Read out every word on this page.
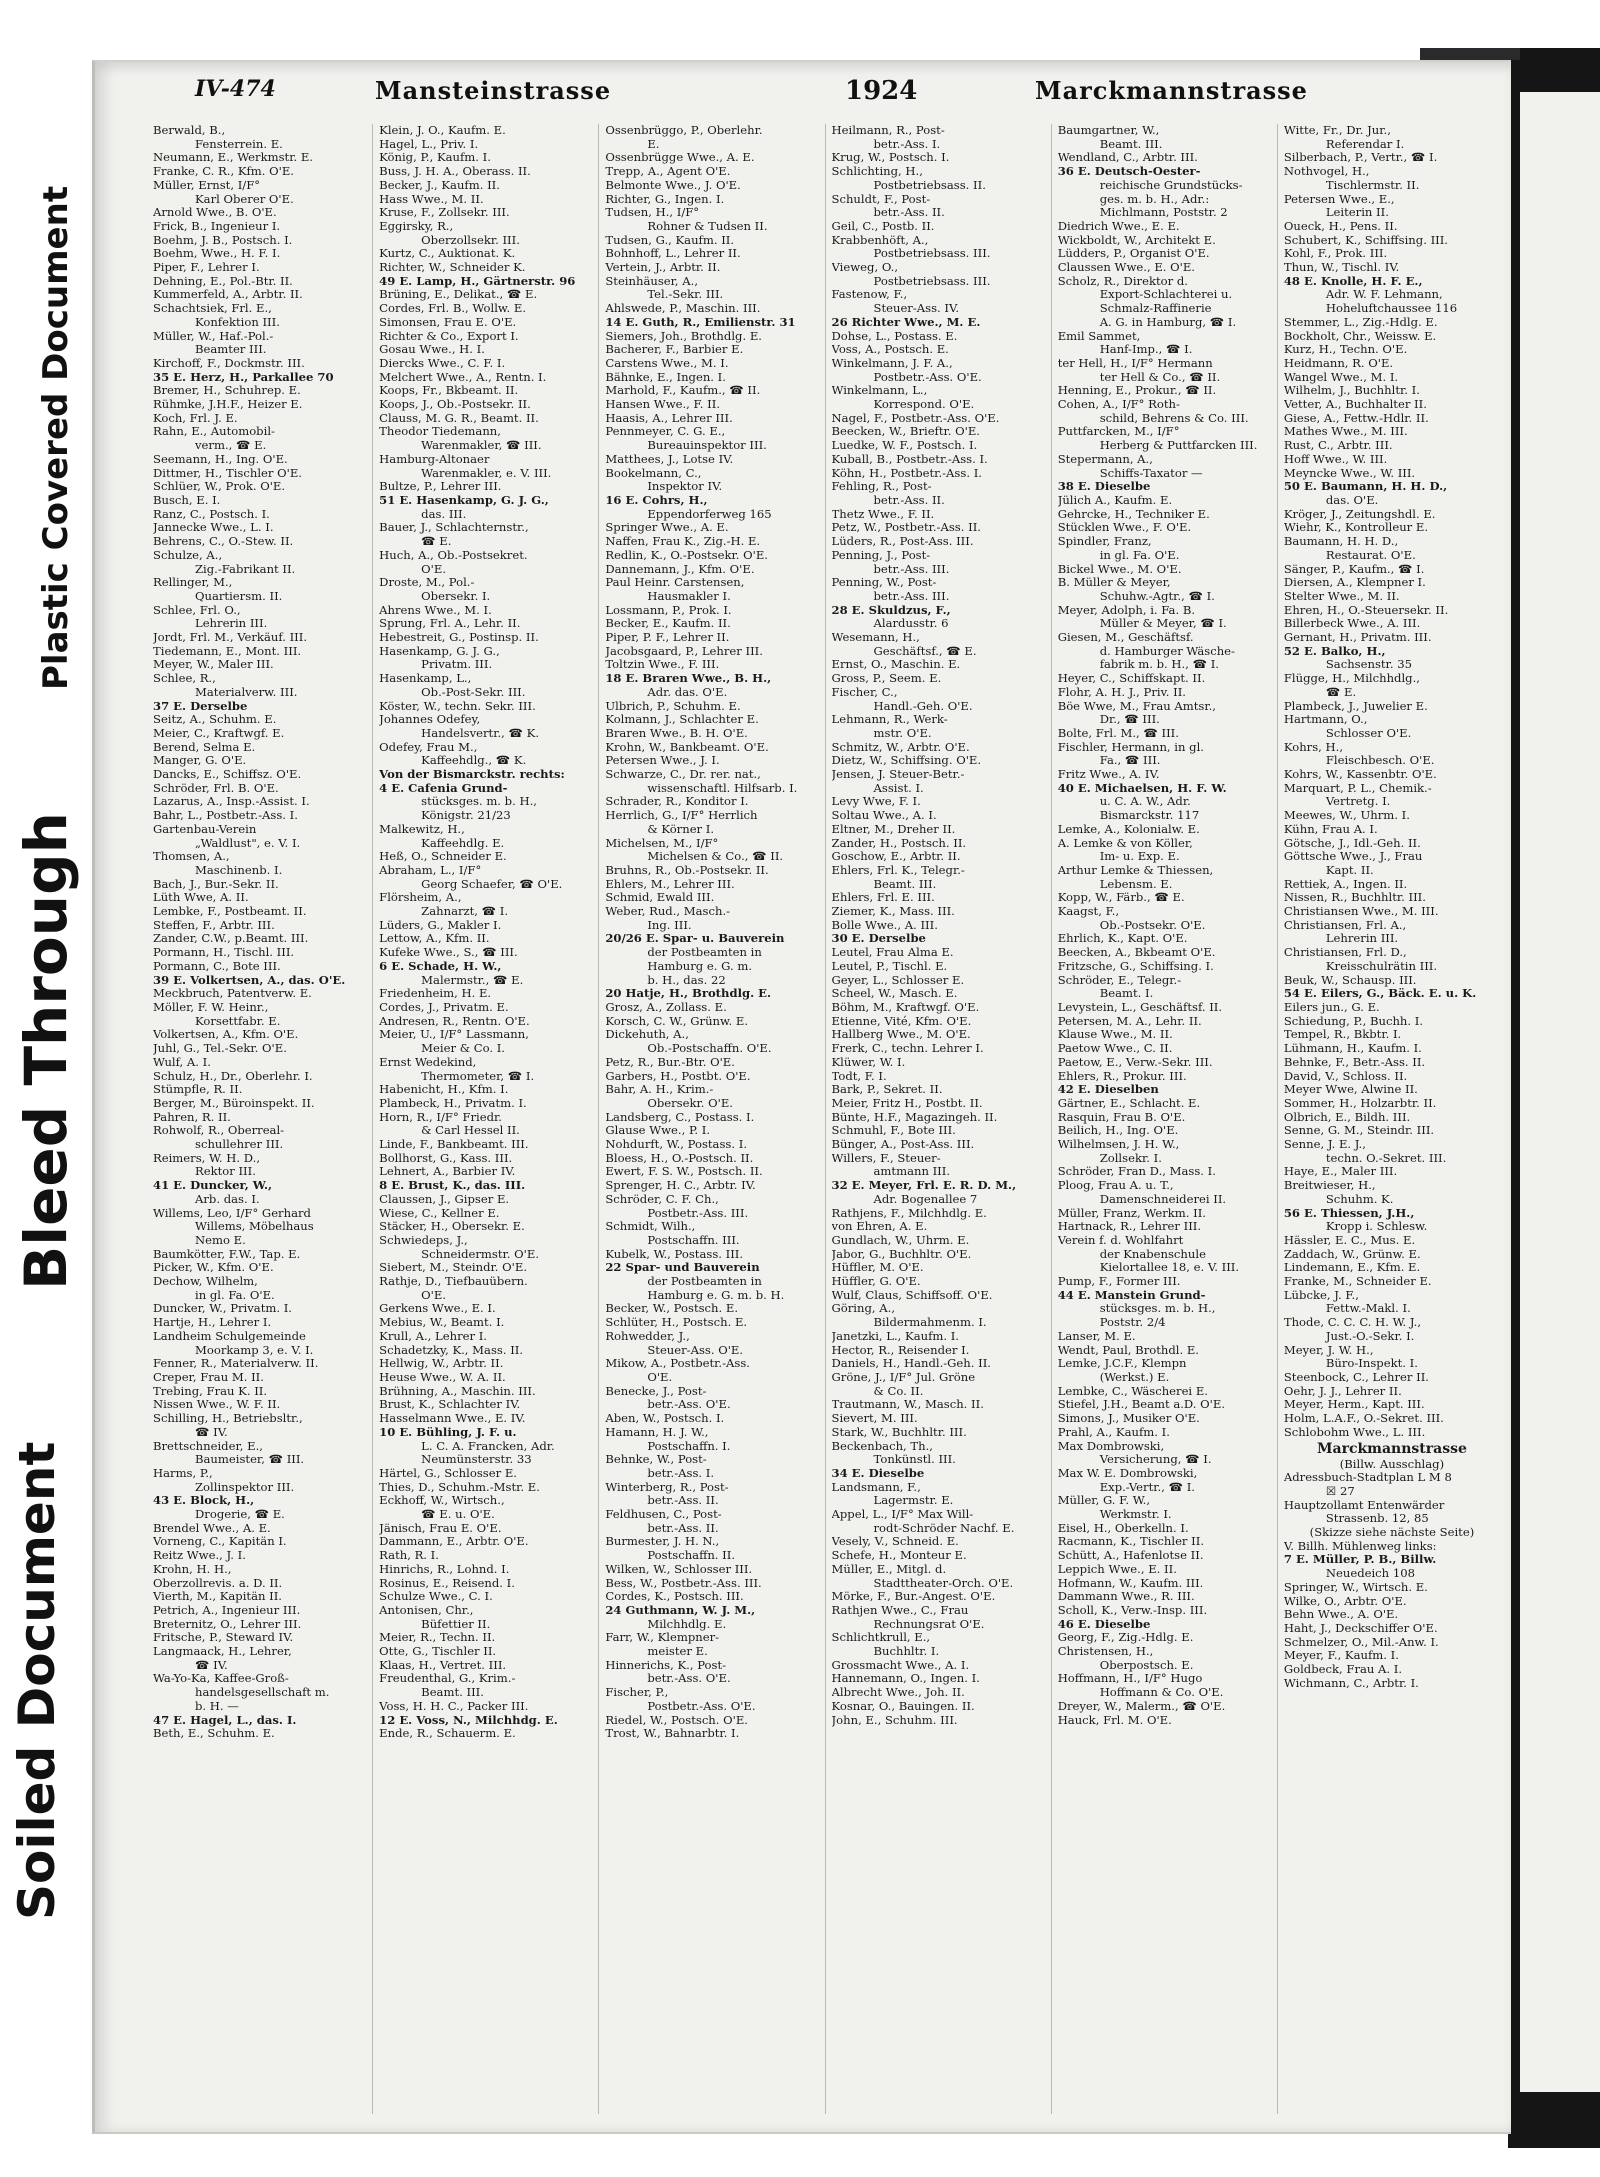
Plastic Covered Document
Bleed Through
Soiled Document
IV-474	Mansteinstrasse	1924	Marckmannstrasse
Berwald, B.,
Fensterrein. E.
Neumann, E., Werkmstr. E.
Franke, C. R., Kfm. O'E.
Müller, Ernst, I/F°
Karl Oberer O'E.
Arnold Wwe., B. O'E.
Frick, B., Ingenieur I.
Boehm, J. B., Postsch. I.
Boehm, Wwe., H. F. I.
Piper, F., Lehrer I.
Dehning, E., Pol.-Btr. II.
Kummerfeld, A., Arbtr. II.
Schachtsiek, Frl. E.,
Konfektion III.
Müller, W., Haf.-Pol.-
Beamter III.
Kirchoff, F., Dockmstr. III.
35 E. Herz, H., Parkallee 70
Bremer, H., Schuhrep. E.
Rühmke, J.H.F., Heizer E.
Koch, Frl. J. E.
Rahn, E., Automobil-
verm., ☎ E.
Seemann, H., Ing. O'E.
Dittmer, H., Tischler O'E.
Schlüer, W., Prok. O'E.
Busch, E. I.
Ranz, C., Postsch. I.
Jannecke Wwe., L. I.
Behrens, C., O.-Stew. II.
Schulze, A.,
Zig.-Fabrikant II.
Rellinger, M.,
Quartiersm. II.
Schlee, Frl. O.,
Lehrerin III.
Jordt, Frl. M., Verkäuf. III.
Tiedemann, E., Mont. III.
Meyer, W., Maler III.
Schlee, R.,
Materialverw. III.
37 E. Derselbe
Seitz, A., Schuhm. E.
Meier, C., Kraftwgf. E.
Berend, Selma E.
Manger, G. O'E.
Dancks, E., Schiffsz. O'E.
Schröder, Frl. B. O'E.
Lazarus, A., Insp.-Assist. I.
Bahr, L., Postbetr.-Ass. I.
Gartenbau-Verein
„Waldlust", e. V. I.
Thomsen, A.,
Maschinenb. I.
Bach, J., Bur.-Sekr. II.
Lüth Wwe, A. II.
Lembke, F., Postbeamt. II.
Steffen, F., Arbtr. III.
Zander, C.W., p.Beamt. III.
Pormann, H., Tischl. III.
Pormann, C., Bote III.
39 E. Volkertsen, A., das. O'E.
Meckbruch, Patentverw. E.
Möller, F. W. Heinr.,
Korsettfabr. E.
Volkertsen, A., Kfm. O'E.
Juhl, G., Tel.-Sekr. O'E.
Wulf, A. I.
Schulz, H., Dr., Oberlehr. I.
Stümpfle, R. II.
Berger, M., Büroinspekt. II.
Pahren, R. II.
Rohwolf, R., Oberreal-
schullehrer III.
Reimers, W. H. D.,
Rektor III.
41 E. Duncker, W.,
Arb. das. I.
Willems, Leo, I/F° Gerhard
Willems, Möbelhaus
Nemo E.
Baumkötter, F.W., Tap. E.
Picker, W., Kfm. O'E.
Dechow, Wilhelm,
in gl. Fa. O'E.
Duncker, W., Privatm. I.
Hartje, H., Lehrer I.
Landheim Schulgemeinde
Moorkamp 3, e. V. I.
Fenner, R., Materialverw. II.
Creper, Frau M. II.
Trebing, Frau K. II.
Nissen Wwe., W. F. II.
Schilling, H., Betriebsltr.,
☎ IV.
Brettschneider, E.,
Baumeister, ☎ III.
Harms, P.,
Zollinspektor III.
43 E. Block, H.,
Drogerie, ☎ E.
Brendel Wwe., A. E.
Vorneng, C., Kapitän I.
Reitz Wwe., J. I.
Krohn, H. H.,
Oberzollrevis. a. D. II.
Vierth, M., Kapitän II.
Petrich, A., Ingenieur III.
Breternitz, O., Lehrer III.
Fritsche, P., Steward IV.
Langmaack, H., Lehrer,
☎ IV.
Wa-Yo-Ka, Kaffee-Groß-
handelsgesellschaft m.
b. H. —
47 E. Hagel, L., das. I.
Beth, E., Schuhm. E.
Klein, J. O., Kaufm. E.
Hagel, L., Priv. I.
König, P., Kaufm. I.
Buss, J. H. A., Oberass. II.
Becker, J., Kaufm. II.
Hass Wwe., M. II.
Kruse, F., Zollsekr. III.
Eggirsky, R.,
Oberzollsekr. III.
Kurtz, C., Auktionat. K.
Richter, W., Schneider K.
49 E. Lamp, H., Gärtnerstr. 96
Brüning, E., Delikat., ☎ E.
Cordes, Frl. B., Wollw. E.
Simonsen, Frau E. O'E.
Richter & Co., Export I.
Gosau Wwe., H. I.
Diercks Wwe., C. F. I.
Melchert Wwe., A., Rentn. I.
Koops, Fr., Bkbeamt. II.
Koops, J., Ob.-Postsekr. II.
Clauss, M. G. R., Beamt. II.
Theodor Tiedemann,
Warenmakler, ☎ III.
Hamburg-Altonaer
Warenmakler, e. V. III.
Bultze, P., Lehrer III.
51 E. Hasenkamp, G. J. G.,
das. III.
Bauer, J., Schlachternstr.,
☎ E.
Huch, A., Ob.-Postsekret.
O'E.
Droste, M., Pol.-
Obersekr. I.
Ahrens Wwe., M. I.
Sprung, Frl. A., Lehr. II.
Hebestreit, G., Postinsp. II.
Hasenkamp, G. J. G.,
Privatm. III.
Hasenkamp, L.,
Ob.-Post-Sekr. III.
Köster, W., techn. Sekr. III.
Johannes Odefey,
Handelsvertr., ☎ K.
Odefey, Frau M.,
Kaffeehdlg., ☎ K.
Von der Bismarckstr. rechts:
4 E. Cafenia Grund-
stücksges. m. b. H.,
Königstr. 21/23
Malkewitz, H.,
Kaffeehdlg. E.
Heß, O., Schneider E.
Abraham, L., I/F°
Georg Schaefer, ☎ O'E.
Flörsheim, A.,
Zahnarzt, ☎ I.
Lüders, G., Makler I.
Lettow, A., Kfm. II.
Kufeke Wwe., S., ☎ III.
6 E. Schade, H. W.,
Malermstr., ☎ E.
Friedenheim, H. E.
Cordes, J., Privatm. E.
Andresen, R., Rentn. O'E.
Meier, U., I/F° Lassmann,
Meier & Co. I.
Ernst Wedekind,
Thermometer, ☎ I.
Habenicht, H., Kfm. I.
Plambeck, H., Privatm. I.
Horn, R., I/F° Friedr.
& Carl Hessel II.
Linde, F., Bankbeamt. III.
Bollhorst, G., Kass. III.
Lehnert, A., Barbier IV.
8 E. Brust, K., das. III.
Claussen, J., Gipser E.
Wiese, C., Kellner E.
Stäcker, H., Obersekr. E.
Schwiedeps, J.,
Schneidermstr. O'E.
Siebert, M., Steindr. O'E.
Rathje, D., Tiefbauübern.
O'E.
Gerkens Wwe., E. I.
Mebius, W., Beamt. I.
Krull, A., Lehrer I.
Schadetzky, K., Mass. II.
Hellwig, W., Arbtr. II.
Heuse Wwe., W. A. II.
Brühning, A., Maschin. III.
Brust, K., Schlachter IV.
Hasselmann Wwe., E. IV.
10 E. Bühling, J. F. u.
L. C. A. Francken, Adr.
Neumünsterstr. 33
Härtel, G., Schlosser E.
Thies, D., Schuhm.-Mstr. E.
Eckhoff, W., Wirtsch.,
☎ E. u. O'E.
Jänisch, Frau E. O'E.
Dammann, E., Arbtr. O'E.
Rath, R. I.
Hinrichs, R., Lohnd. I.
Rosinus, E., Reisend. I.
Schulze Wwe., C. I.
Antonisen, Chr.,
Büfettier II.
Meier, R., Techn. II.
Otte, G., Tischler II.
Klaas, H., Vertret. III.
Freudenthal, G., Krim.-
Beamt. III.
Voss, H. H. C., Packer III.
12 E. Voss, N., Milchhdg. E.
Ende, R., Schauerm. E.
Ossenbrüggo, P., Oberlehr.
E.
Ossenbrügge Wwe., A. E.
Trepp, A., Agent O'E.
Belmonte Wwe., J. O'E.
Richter, G., Ingen. I.
Tudsen, H., I/F°
Rohner & Tudsen II.
Tudsen, G., Kaufm. II.
Bohnhoff, L., Lehrer II.
Vertein, J., Arbtr. II.
Steinhäuser, A.,
Tel.-Sekr. III.
Ahlswede, P., Maschin. III.
14 E. Guth, R., Emilienstr. 31
Siemers, Joh., Brothdlg. E.
Bacherer, F., Barbier E.
Carstens Wwe., M. I.
Bähnke, E., Ingen. I.
Marhold, F., Kaufm., ☎ II.
Hansen Wwe., F. II.
Haasis, A., Lehrer III.
Pennmeyer, C. G. E.,
Bureauinspektor III.
Matthees, J., Lotse IV.
Bookelmann, C.,
Inspektor IV.
16 E. Cohrs, H.,
Eppendorferweg 165
Springer Wwe., A. E.
Naffen, Frau K., Zig.-H. E.
Redlin, K., O.-Postsekr. O'E.
Dannemann, J., Kfm. O'E.
Paul Heinr. Carstensen,
Hausmakler I.
Lossmann, P., Prok. I.
Becker, E., Kaufm. II.
Piper, P. F., Lehrer II.
Jacobsgaard, P., Lehrer III.
Toltzin Wwe., F. III.
18 E. Braren Wwe., B. H.,
Adr. das. O'E.
Ulbrich, P., Schuhm. E.
Kolmann, J., Schlachter E.
Braren Wwe., B. H. O'E.
Krohn, W., Bankbeamt. O'E.
Petersen Wwe., J. I.
Schwarze, C., Dr. rer. nat.,
wissenschaftl. Hilfsarb. I.
Schrader, R., Konditor I.
Herrlich, G., I/F° Herrlich
& Körner I.
Michelsen, M., I/F°
Michelsen & Co., ☎ II.
Bruhns, R., Ob.-Postsekr. II.
Ehlers, M., Lehrer III.
Schmid, Ewald III.
Weber, Rud., Masch.-
Ing. III.
20/26 E. Spar- u. Bauverein
der Postbeamten in
Hamburg e. G. m.
b. H., das. 22
20 Hatje, H., Brothdlg. E.
Grosz, A., Zollass. E.
Korsch, C. W., Grünw. E.
Dickehuth, A.,
Ob.-Postschaffn. O'E.
Petz, R., Bur.-Btr. O'E.
Garbers, H., Postbt. O'E.
Bahr, A. H., Krim.-
Obersekr. O'E.
Landsberg, C., Postass. I.
Glause Wwe., P. I.
Nohdurft, W., Postass. I.
Bloess, H., O.-Postsch. II.
Ewert, F. S. W., Postsch. II.
Sprenger, H. C., Arbtr. IV.
Schröder, C. F. Ch.,
Postbetr.-Ass. III.
Schmidt, Wilh.,
Postschaffn. III.
Kubelk, W., Postass. III.
22 Spar- und Bauverein
der Postbeamten in
Hamburg e. G. m. b. H.
Becker, W., Postsch. E.
Schlüter, H., Postsch. E.
Rohwedder, J.,
Steuer-Ass. O'E.
Mikow, A., Postbetr.-Ass.
O'E.
Benecke, J., Post-
betr.-Ass. O'E.
Aben, W., Postsch. I.
Hamann, H. J. W.,
Postschaffn. I.
Behnke, W., Post-
betr.-Ass. I.
Winterberg, R., Post-
betr.-Ass. II.
Feldhusen, C., Post-
betr.-Ass. II.
Burmester, J. H. N.,
Postschaffn. II.
Wilken, W., Schlosser III.
Bess, W., Postbetr.-Ass. III.
Cordes, K., Postsch. III.
24 Guthmann, W. J. M.,
Milchhdlg. E.
Farr, W., Klempner-
meister E.
Hinnerichs, K., Post-
betr.-Ass. O'E.
Fischer, P.,
Postbetr.-Ass. O'E.
Riedel, W., Postsch. O'E.
Trost, W., Bahnarbtr. I.
Heilmann, R., Post-
betr.-Ass. I.
Krug, W., Postsch. I.
Schlichting, H.,
Postbetriebsass. II.
Schuldt, F., Post-
betr.-Ass. II.
Geil, C., Postb. II.
Krabbenhöft, A.,
Postbetriebsass. III.
Vieweg, O.,
Postbetriebsass. III.
Fastenow, F.,
Steuer-Ass. IV.
26 Richter Wwe., M. E.
Dohse, L., Postass. E.
Voss, A., Postsch. E.
Winkelmann, J. F. A.,
Postbetr.-Ass. O'E.
Winkelmann, L.,
Korrespond. O'E.
Nagel, F., Postbetr.-Ass. O'E.
Beecken, W., Brieftr. O'E.
Luedke, W. F., Postsch. I.
Kuball, B., Postbetr.-Ass. I.
Köhn, H., Postbetr.-Ass. I.
Fehling, R., Post-
betr.-Ass. II.
Thetz Wwe., F. II.
Petz, W., Postbetr.-Ass. II.
Lüders, R., Post-Ass. III.
Penning, J., Post-
betr.-Ass. III.
Penning, W., Post-
betr.-Ass. III.
28 E. Skuldzus, F.,
Alardusstr. 6
Wesemann, H.,
Geschäftsf., ☎ E.
Ernst, O., Maschin. E.
Gross, P., Seem. E.
Fischer, C.,
Handl.-Geh. O'E.
Lehmann, R., Werk-
mstr. O'E.
Schmitz, W., Arbtr. O'E.
Dietz, W., Schiffsing. O'E.
Jensen, J. Steuer-Betr.-
Assist. I.
Levy Wwe, F. I.
Soltau Wwe., A. I.
Eltner, M., Dreher II.
Zander, H., Postsch. II.
Goschow, E., Arbtr. II.
Ehlers, Frl. K., Telegr.-
Beamt. III.
Ehlers, Frl. E. III.
Ziemer, K., Mass. III.
Bolle Wwe., A. III.
30 E. Derselbe
Leutel, Frau Alma E.
Leutel, P., Tischl. E.
Geyer, L., Schlosser E.
Scheel, W., Masch. E.
Böhm, M., Kraftwgf. O'E.
Etienne, Vité, Kfm. O'E.
Hallberg Wwe., M. O'E.
Frerk, C., techn. Lehrer I.
Klüwer, W. I.
Todt, F. I.
Bark, P., Sekret. II.
Meier, Fritz H., Postbt. II.
Bünte, H.F., Magazingeh. II.
Schmuhl, F., Bote III.
Bünger, A., Post-Ass. III.
Willers, F., Steuer-
amtmann III.
32 E. Meyer, Frl. E. R. D. M.,
Adr. Bogenallee 7
Rathjens, F., Milchhdlg. E.
von Ehren, A. E.
Gundlach, W., Uhrm. E.
Jabor, G., Buchhltr. O'E.
Hüffler, M. O'E.
Hüffler, G. O'E.
Wulf, Claus, Schiffsoff. O'E.
Göring, A.,
Bildermahmenm. I.
Janetzki, L., Kaufm. I.
Hector, R., Reisender I.
Daniels, H., Handl.-Geh. II.
Gröne, J., I/F° Jul. Gröne
& Co. II.
Trautmann, W., Masch. II.
Sievert, M. III.
Stark, W., Buchhltr. III.
Beckenbach, Th.,
Tonkünstl. III.
34 E. Dieselbe
Landsmann, F.,
Lagermstr. E.
Appel, L., I/F° Max Will-
rodt-Schröder Nachf. E.
Vesely, V., Schneid. E.
Schefe, H., Monteur E.
Müller, E., Mitgl. d.
Stadttheater-Orch. O'E.
Mörke, F., Bur.-Angest. O'E.
Rathjen Wwe., C., Frau
Rechnungsrat O'E.
Schlichtkrull, E.,
Buchhltr. I.
Grossmacht Wwe., A. I.
Hannemann, O., Ingen. I.
Albrecht Wwe., Joh. II.
Kosnar, O., Bauingen. II.
John, E., Schuhm. III.
Baumgartner, W.,
Beamt. III.
Wendland, C., Arbtr. III.
36 E. Deutsch-Oester-
reichische Grundstücks-
ges. m. b. H., Adr.:
Michlmann, Poststr. 2
Diedrich Wwe., E. E.
Wickboldt, W., Architekt E.
Lüdders, P., Organist O'E.
Claussen Wwe., E. O'E.
Scholz, R., Direktor d.
Export-Schlachterei u.
Schmalz-Raffinerie
A. G. in Hamburg, ☎ I.
Emil Sammet,
Hanf-Imp., ☎ I.
ter Hell, H., I/F° Hermann
ter Hell & Co., ☎ II.
Henning, E., Prokur., ☎ II.
Cohen, A., I/F° Roth-
schild, Behrens & Co. III.
Puttfarcken, M., I/F°
Herberg & Puttfarcken III.
Stepermann, A.,
Schiffs-Taxator —
38 E. Dieselbe
Jülich A., Kaufm. E.
Gehrcke, H., Techniker E.
Stücklen Wwe., F. O'E.
Spindler, Franz,
in gl. Fa. O'E.
Bickel Wwe., M. O'E.
B. Müller & Meyer,
Schuhw.-Agtr., ☎ I.
Meyer, Adolph, i. Fa. B.
Müller & Meyer, ☎ I.
Giesen, M., Geschäftsf.
d. Hamburger Wäsche-
fabrik m. b. H., ☎ I.
Heyer, C., Schiffskapt. II.
Flohr, A. H. J., Priv. II.
Böe Wwe, M., Frau Amtsr.,
Dr., ☎ III.
Bolte, Frl. M., ☎ III.
Fischler, Hermann, in gl.
Fa., ☎ III.
Fritz Wwe., A. IV.
40 E. Michaelsen, H. F. W.
u. C. A. W., Adr.
Bismarckstr. 117
Lemke, A., Kolonialw. E.
A. Lemke & von Köller,
Im- u. Exp. E.
Arthur Lemke & Thiessen,
Lebensm. E.
Kopp, W., Färb., ☎ E.
Kaagst, F.,
Ob.-Postsekr. O'E.
Ehrlich, K., Kapt. O'E.
Beecken, A., Bkbeamt O'E.
Fritzsche, G., Schiffsing. I.
Schröder, E., Telegr.-
Beamt. I.
Levystein, L., Geschäftsf. II.
Petersen, M. A., Lehr. II.
Klause Wwe., M. II.
Paetow Wwe., C. II.
Paetow, E., Verw.-Sekr. III.
Ehlers, R., Prokur. III.
42 E. Dieselben
Gärtner, E., Schlacht. E.
Rasquin, Frau B. O'E.
Beilich, H., Ing. O'E.
Wilhelmsen, J. H. W.,
Zollsekr. I.
Schröder, Fran D., Mass. I.
Ploog, Frau A. u. T.,
Damenschneiderei II.
Müller, Franz, Werkm. II.
Hartnack, R., Lehrer III.
Verein f. d. Wohlfahrt
der Knabenschule
Kielortallee 18, e. V. III.
Pump, F., Former III.
44 E. Manstein Grund-
stücksges. m. b. H.,
Poststr. 2/4
Lanser, M. E.
Wendt, Paul, Brothdl. E.
Lemke, J.C.F., Klempn
(Werkst.) E.
Lembke, C., Wäscherei E.
Stiefel, J.H., Beamt a.D. O'E.
Simons, J., Musiker O'E.
Prahl, A., Kaufm. I.
Max Dombrowski,
Versicherung, ☎ I.
Max W. E. Dombrowski,
Exp.-Vertr., ☎ I.
Müller, G. F. W.,
Werkmstr. I.
Eisel, H., Oberkelln. I.
Racmann, K., Tischler II.
Schütt, A., Hafenlotse II.
Leppich Wwe., E. II.
Hofmann, W., Kaufm. III.
Dammann Wwe., R. III.
Scholl, K., Verw.-Insp. III.
46 E. Dieselbe
Georg, F., Zig.-Hdlg. E.
Christensen, H.,
Oberpostsch. E.
Hoffmann, H., I/F° Hugo
Hoffmann & Co. O'E.
Dreyer, W., Malerm., ☎ O'E.
Hauck, Frl. M. O'E.
Witte, Fr., Dr. Jur.,
Referendar I.
Silberbach, P., Vertr., ☎ I.
Nothvogel, H.,
Tischlermstr. II.
Petersen Wwe., E.,
Leiterin II.
Oueck, H., Pens. II.
Schubert, K., Schiffsing. III.
Kohl, F., Prok. III.
Thun, W., Tischl. IV.
48 E. Knolle, H. F. E.,
Adr. W. F. Lehmann,
Hoheluftchaussee 116
Stemmer, L., Zig.-Hdlg. E.
Bockholt, Chr., Weissw. E.
Kurz, H., Techn. O'E.
Heidmann, R. O'E.
Wangel Wwe., M. I.
Wilhelm, J., Buchhltr. I.
Vetter, A., Buchhalter II.
Giese, A., Fettw.-Hdlr. II.
Mathes Wwe., M. III.
Rust, C., Arbtr. III.
Hoff Wwe., W. III.
Meyncke Wwe., W. III.
50 E. Baumann, H. H. D.,
das. O'E.
Kröger, J., Zeitungshdl. E.
Wiehr, K., Kontrolleur E.
Baumann, H. H. D.,
Restaurat. O'E.
Sänger, P., Kaufm., ☎ I.
Diersen, A., Klempner I.
Stelter Wwe., M. II.
Ehren, H., O.-Steuersekr. II.
Billerbeck Wwe., A. III.
Gernant, H., Privatm. III.
52 E. Balko, H.,
Sachsenstr. 35
Flügge, H., Milchhdlg.,
☎ E.
Plambeck, J., Juwelier E.
Hartmann, O.,
Schlosser O'E.
Kohrs, H.,
Fleischbesch. O'E.
Kohrs, W., Kassenbtr. O'E.
Marquart, P. L., Chemik.-
Vertretg. I.
Meewes, W., Uhrm. I.
Kühn, Frau A. I.
Götsche, J., Idl.-Geh. II.
Göttsche Wwe., J., Frau
Kapt. II.
Rettiek, A., Ingen. II.
Nissen, R., Buchhltr. III.
Christiansen Wwe., M. III.
Christiansen, Frl. A.,
Lehrerin III.
Christiansen, Frl. D.,
Kreisschulrätin III.
Beuk, W., Schausp. III.
54 E. Eilers, G., Bäck. E. u. K.
Eilers jun., G. E.
Schiedung, P., Buchh. I.
Tempel, R., Bkbtr. I.
Lühmann, H., Kaufm. I.
Behnke, F., Betr.-Ass. II.
David, V., Schloss. II.
Meyer Wwe, Alwine II.
Sommer, H., Holzarbtr. II.
Olbrich, E., Bildh. III.
Senne, G. M., Steindr. III.
Senne, J. E. J.,
techn. O.-Sekret. III.
Haye, E., Maler III.
Breitwieser, H.,
Schuhm. K.
56 E. Thiessen, J.H.,
Kropp i. Schlesw.
Hässler, E. C., Mus. E.
Zaddach, W., Grünw. E.
Lindemann, E., Kfm. E.
Franke, M., Schneider E.
Lübcke, J. F.,
Fettw.-Makl. I.
Thode, C. C. C. H. W. J.,
Just.-O.-Sekr. I.
Meyer, J. W. H.,
Büro-Inspekt. I.
Steenbock, C., Lehrer II.
Oehr, J. J., Lehrer II.
Meyer, Herm., Kapt. III.
Holm, L.A.F., O.-Sekret. III.
Schlobohm Wwe., L. III.
Marckmannstrasse
(Billw. Ausschlag)
Adressbuch-Stadtplan L M 8
☒ 27
Hauptzollamt Entenwärder
Strassenb. 12, 85
(Skizze siehe nächste Seite)
V. Billh. Mühlenweg links:
7 E. Müller, P. B., Billw.
Neuedeich 108
Springer, W., Wirtsch. E.
Wilke, O., Arbtr. O'E.
Behn Wwe., A. O'E.
Haht, J., Deckschiffer O'E.
Schmelzer, O., Mil.-Anw. I.
Meyer, F., Kaufm. I.
Goldbeck, Frau A. I.
Wichmann, C., Arbtr. I.
